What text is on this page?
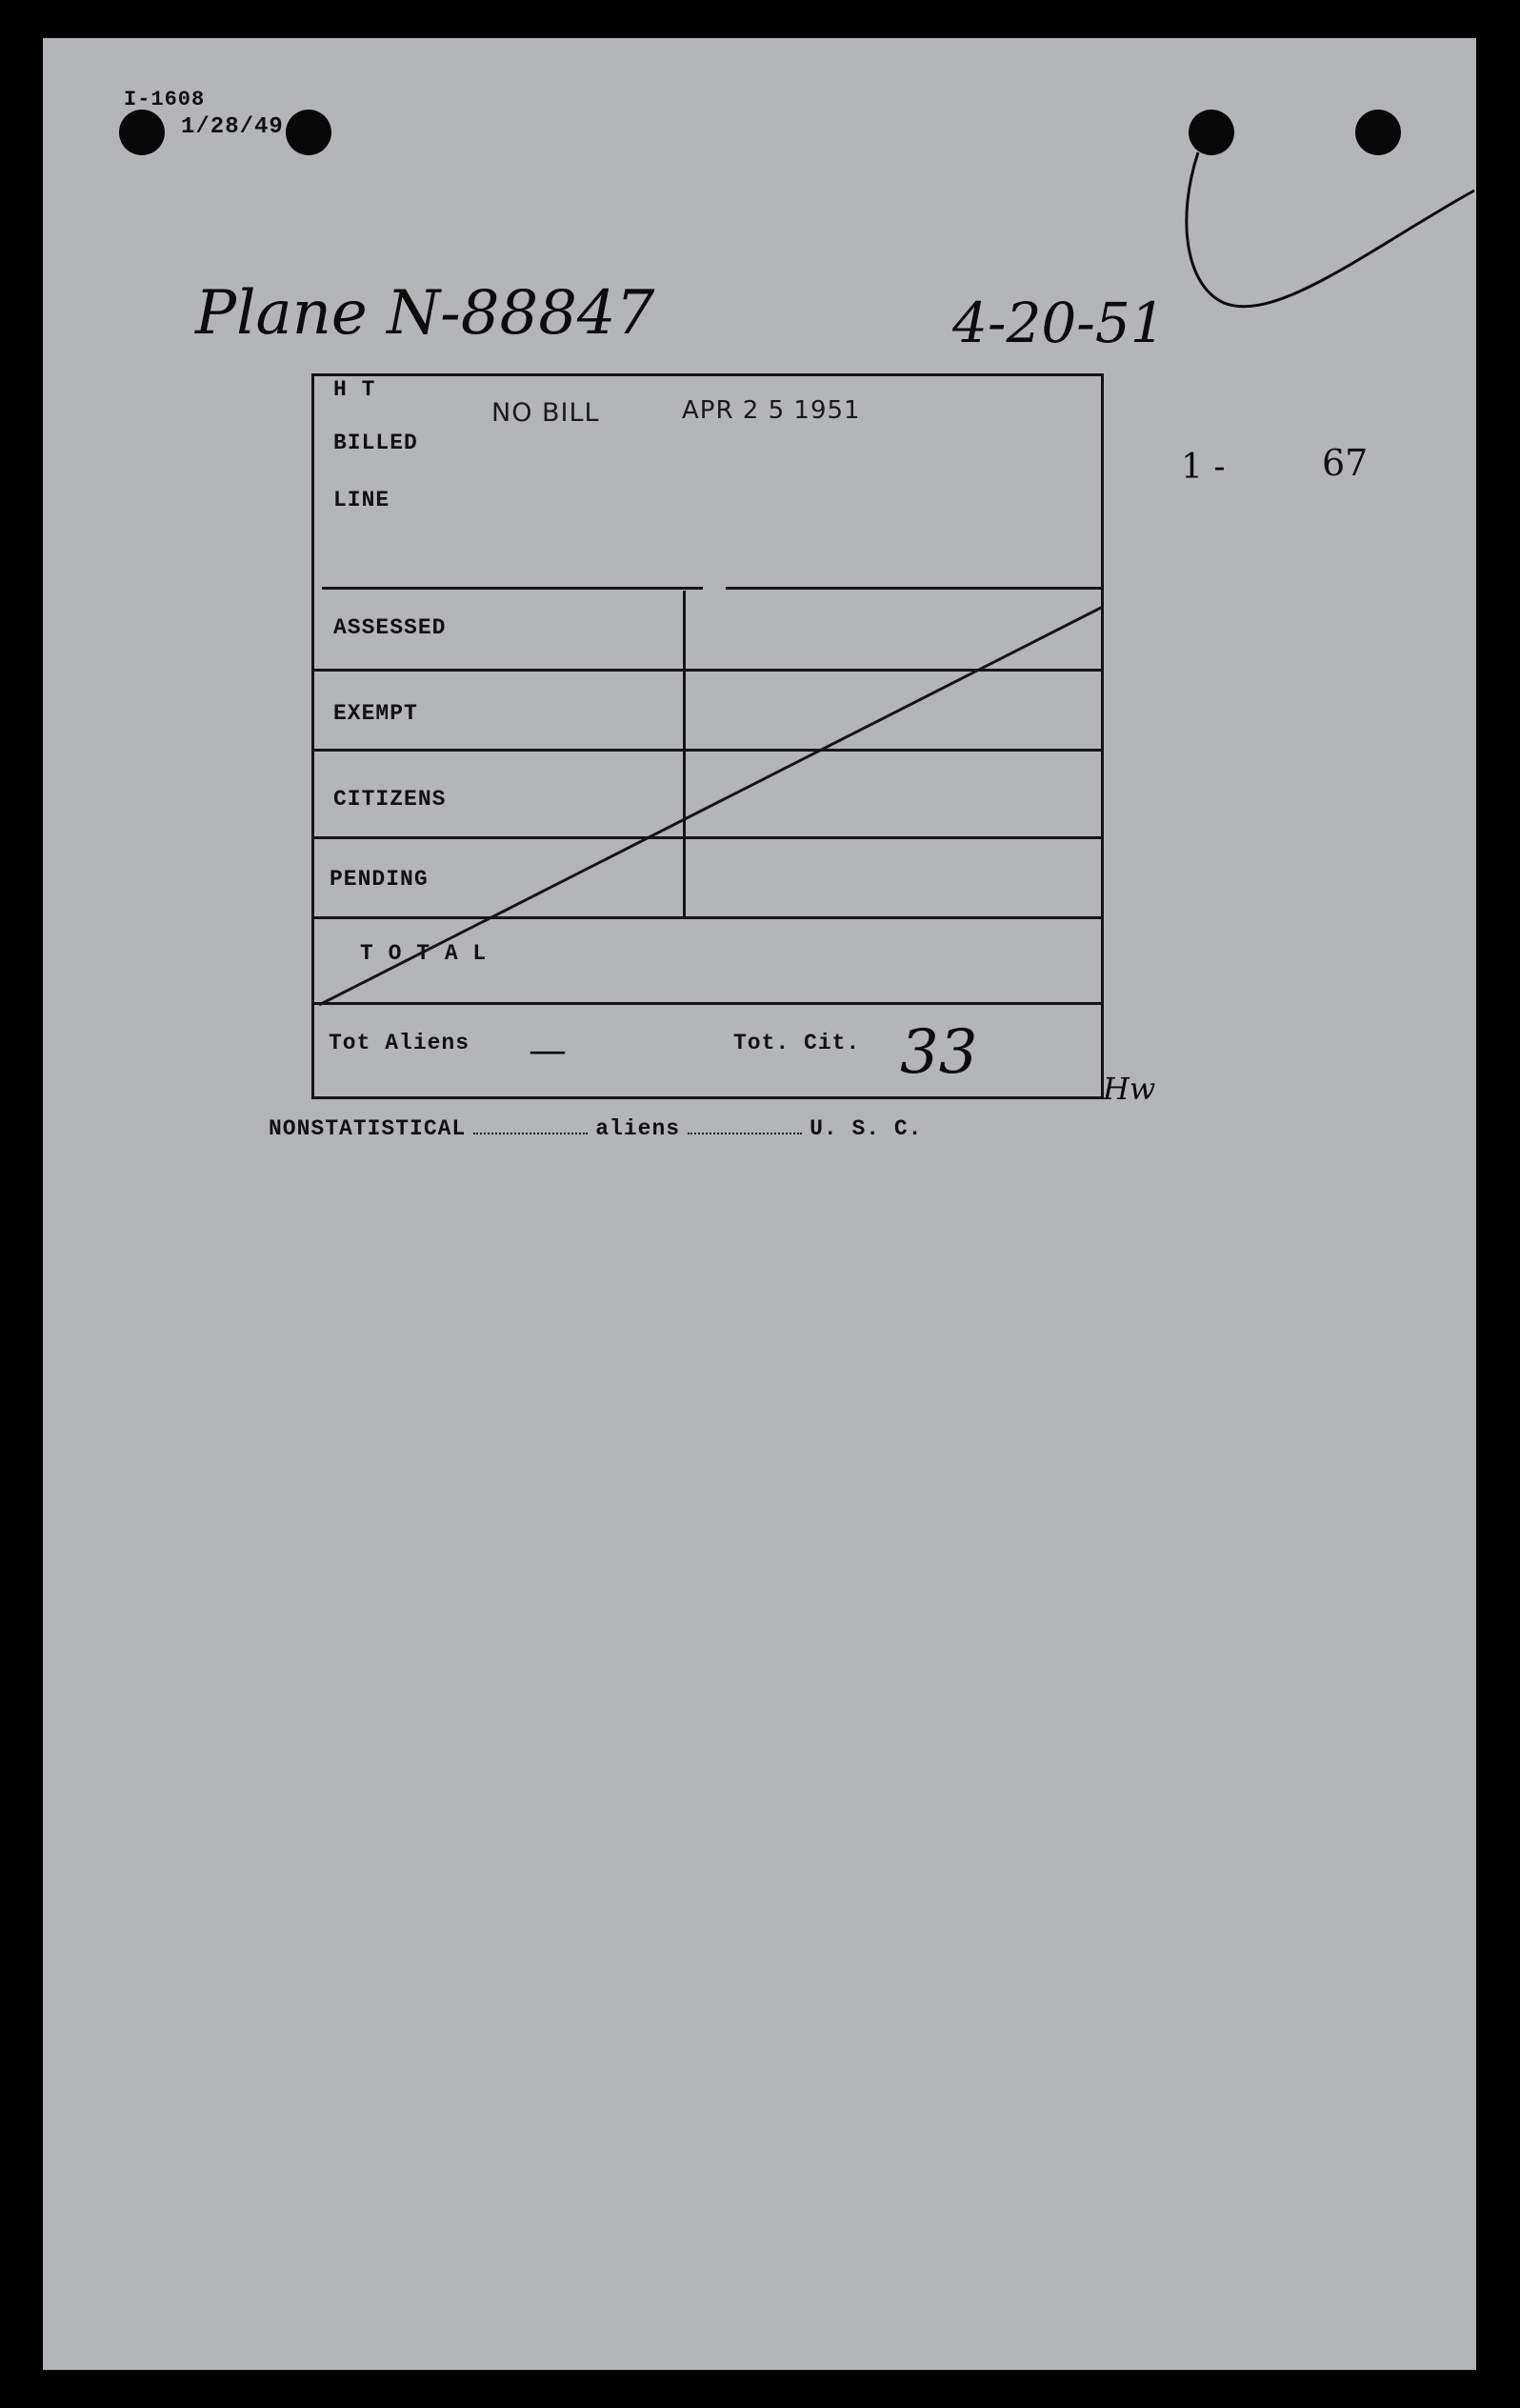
I-1608
1/28/49
Plane N-88847	4-20-51
1 -	67
NO BILL	APR 2 5 1951
H T
BILLED
LINE
ASSESSED
EXEMPT
CITIZENS
PENDING
T O T A L
Tot Aliens —	Tot. Cit. 33
Hw
NONSTATISTICAL	aliens	U. S. C.
